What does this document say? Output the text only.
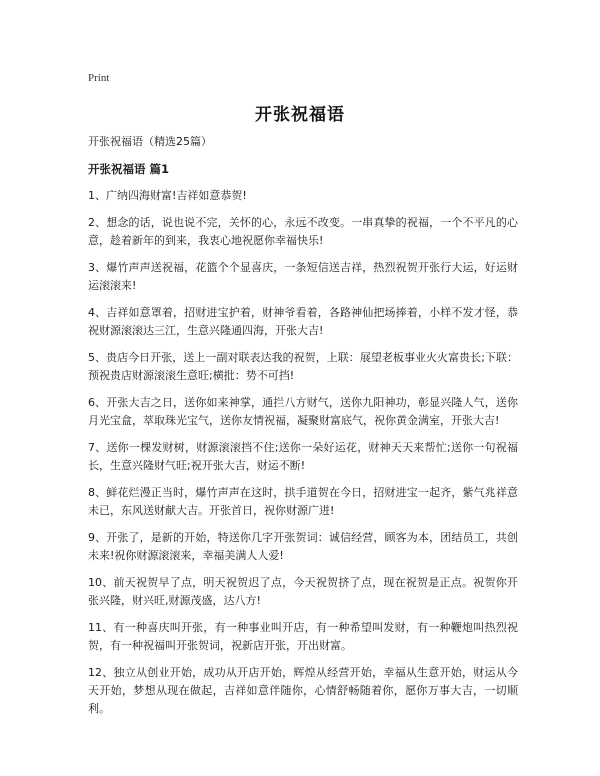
Print
开张祝福语
开张祝福语（精选25篇）
开张祝福语 篇1
1、广纳四海财富!吉祥如意恭贺!
2、想念的话，说也说不完，关怀的心，永远不改变。一串真挚的祝福，一个不平凡的心意，趁着新年的到来，我衷心地祝愿你幸福快乐!
3、爆竹声声送祝福，花篮个个显喜庆，一条短信送吉祥，热烈祝贺开张行大运，好运财运滚滚来!
4、吉祥如意罩着，招财进宝护着，财神爷看着，各路神仙把场捧着，小样不发才怪，恭祝财源滚滚达三江，生意兴隆通四海，开张大吉!
5、贵店今日开张，送上一副对联表达我的祝贺，上联：展望老板事业火火富贵长;下联：预祝贵店财源滚滚生意旺;横批：势不可挡!
6、开张大吉之日，送你如来神掌，通拦八方财气，送你九阳神功，彰显兴隆人气，送你月光宝盒，萃取珠光宝气，送你友情祝福，凝聚财富底气，祝你黄金满室，开张大吉!
7、送你一棵发财树，财源滚滚挡不住;送你一朵好运花，财神天天来帮忙;送你一句祝福长，生意兴隆财气旺;祝开张大吉，财运不断!
8、鲜花烂漫正当时，爆竹声声在这时，拱手道贺在今日，招财进宝一起齐，紫气兆祥意未已，东风送财献大吉。开张首日，祝你财源广进!
9、开张了，是新的开始，特送你几字开张贺词：诚信经营，顾客为本，团结员工，共创未来!祝你财源滚滚来，幸福美满人人爱!
10、前天祝贺早了点，明天祝贺迟了点，今天祝贺挤了点，现在祝贺是正点。祝贺你开张兴隆，财兴旺,财源茂盛，达八方!
11、有一种喜庆叫开张，有一种事业叫开店，有一种希望叫发财，有一种鞭炮叫热烈祝贺，有一种祝福叫开张贺词，祝新店开张，开出财富。
12、独立从创业开始，成功从开店开始，辉煌从经营开始，幸福从生意开始，财运从今天开始，梦想从现在做起，吉祥如意伴随你，心情舒畅随着你，愿你万事大吉，一切顺利。
